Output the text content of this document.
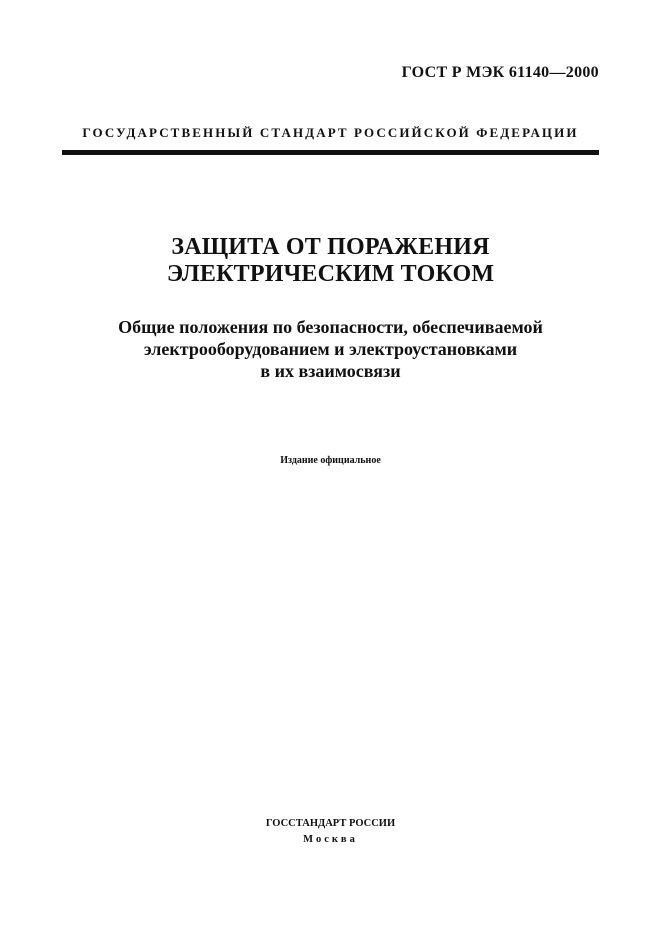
ГОСТ Р МЭК 61140—2000
ГОСУДАРСТВЕННЫЙ СТАНДАРТ РОССИЙСКОЙ ФЕДЕРАЦИИ
ЗАЩИТА ОТ ПОРАЖЕНИЯ
ЭЛЕКТРИЧЕСКИМ ТОКОМ
Общие положения по безопасности, обеспечиваемой
электрооборудованием и электроустановками
в их взаимосвязи
Издание официальное
ГОССТАНДАРТ РОССИИ
Москва
